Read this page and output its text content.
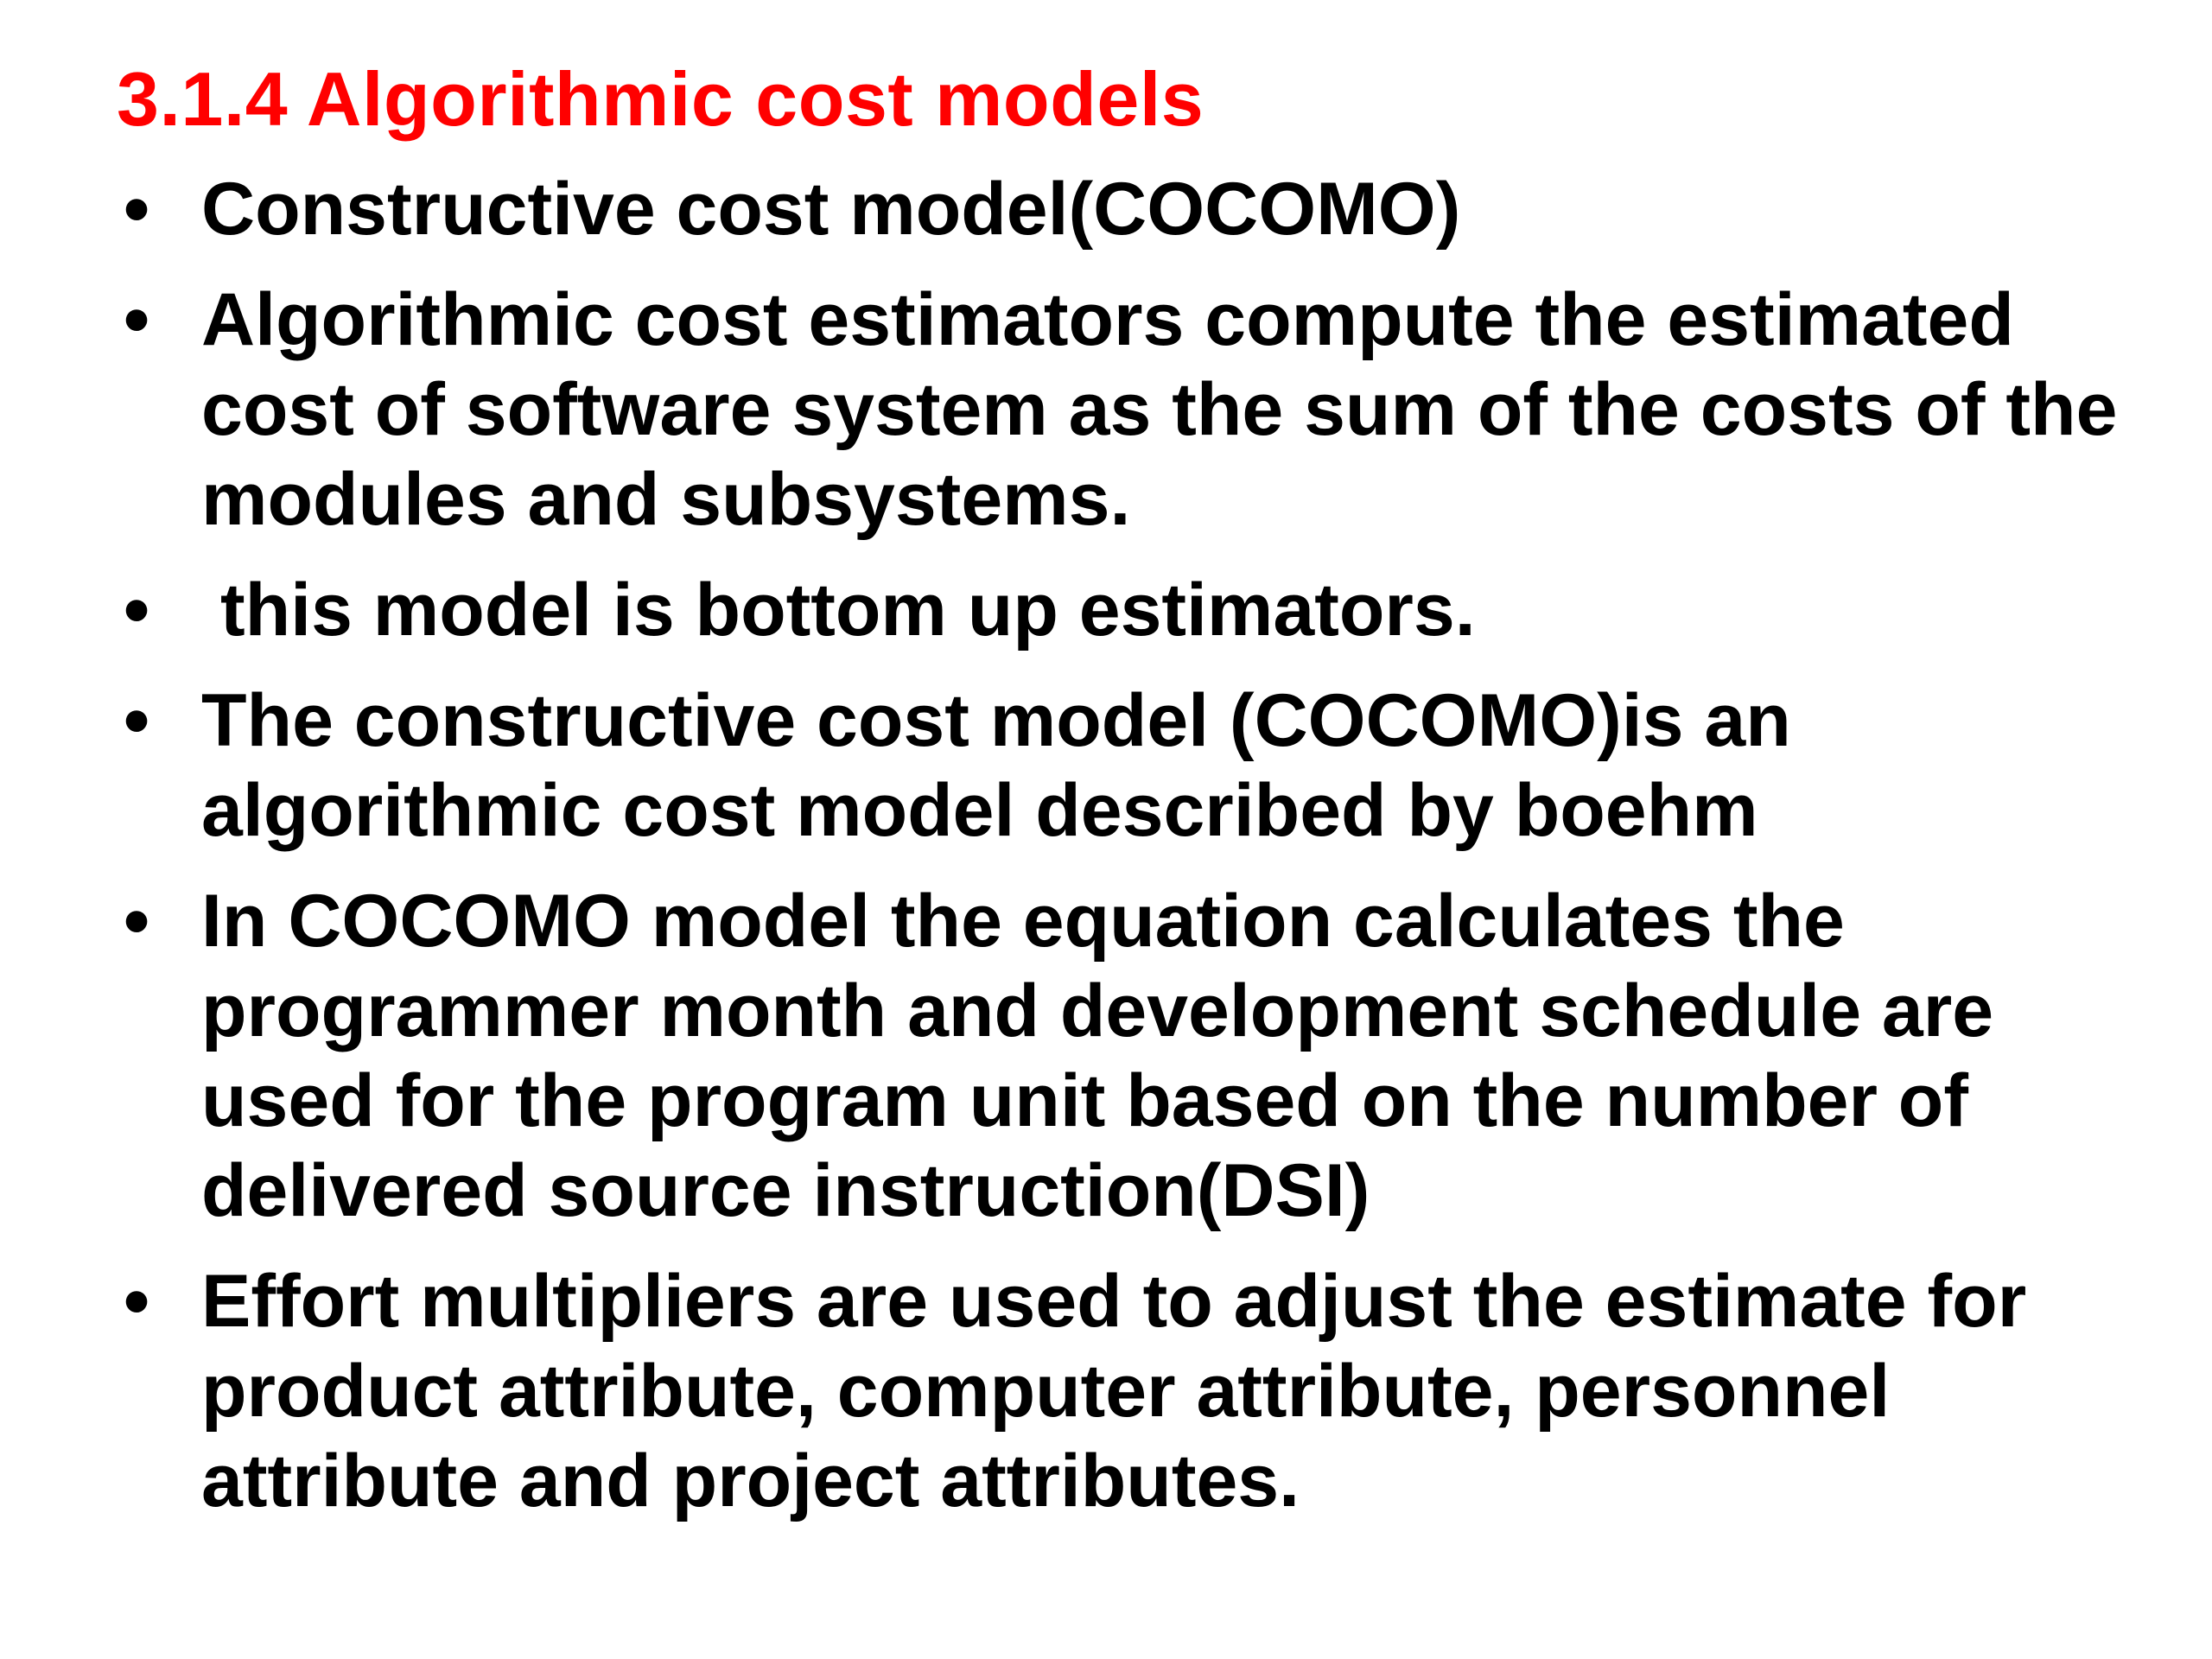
3.1.4 Algorithmic cost models
• Constructive cost model(COCOMO)
• Algorithmic cost estimators compute the estimated cost of software system as the sum of the costs of the modules and subsystems.
• this model is bottom up estimators.
• The constructive cost model (COCOMO)is an algorithmic cost model described by boehm
• In COCOMO model the equation calculates the programmer month and development schedule are used for the program unit based on the number of delivered source instruction(DSI)
• Effort multipliers are used to adjust the estimate for product attribute, computer attribute, personnel attribute and project attributes.
